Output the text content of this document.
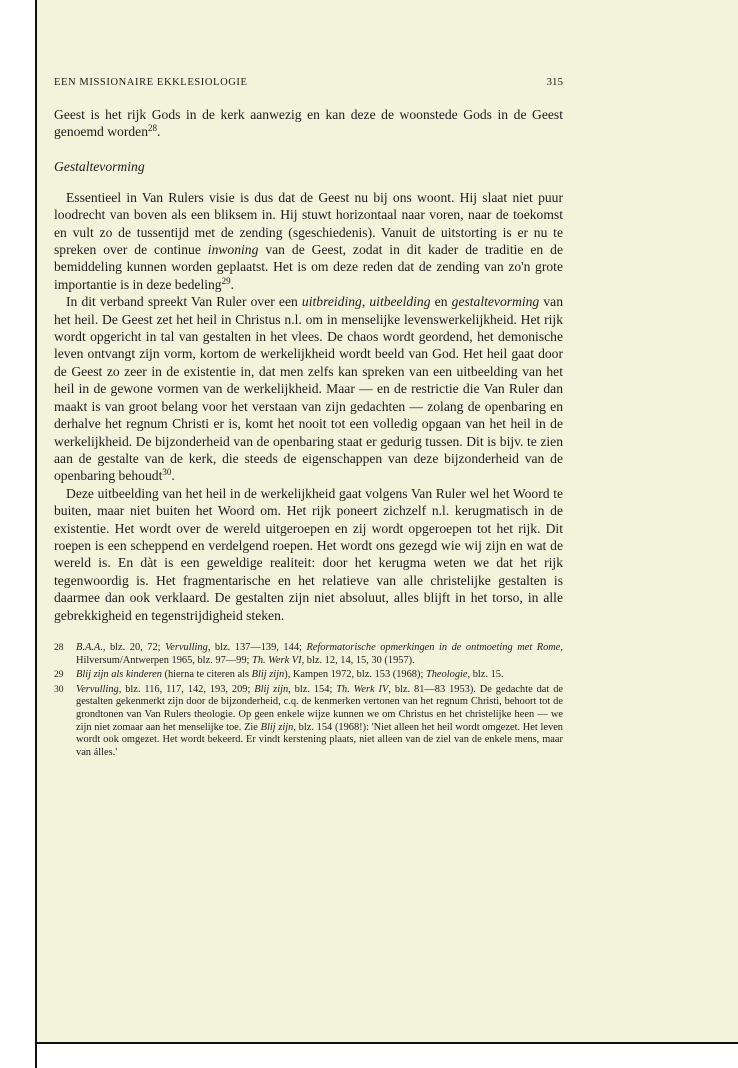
EEN MISSIONAIRE EKKLESIOLOGIE	315

Geest is het rijk Gods in de kerk aanwezig en kan deze de woonstede Gods in de Geest genoemd worden$^{28}$.

Gestaltevorming

Essentieel in Van Rulers visie is dus dat de Geest nu bij ons woont. Hij slaat niet puur loodrecht van boven als een bliksem in. Hij stuwt horizontaal naar voren, naar de toekomst en vult zo de tussentijd met de zending (sgeschiedenis). Vanuit de uitstorting is er nu te spreken over de continue inwoning van de Geest, zodat in dit kader de traditie en de bemiddeling kunnen worden geplaatst. Het is om deze reden dat de zending van zo'n grote importantie is in deze bedeling$^{29}$.

In dit verband spreekt Van Ruler over een uitbreiding, uitbeelding en gestaltevorming van het heil. De Geest zet het heil in Christus n.l. om in menselijke levenswerkelijkheid. Het rijk wordt opgericht in tal van gestalten in het vlees. De chaos wordt geordend, het demonische leven ontvangt zijn vorm, kortom de werkelijkheid wordt beeld van God. Het heil gaat door de Geest zo zeer in de existentie in, dat men zelfs kan spreken van een uitbeelding van het heil in de gewone vormen van de werkelijkheid. Maar — en de restrictie die Van Ruler dan maakt is van groot belang voor het verstaan van zijn gedachten — zolang de openbaring en derhalve het regnum Christi er is, komt het nooit tot een volledig opgaan van het heil in de werkelijkheid. De bijzonderheid van de openbaring staat er gedurig tussen. Dit is bijv. te zien aan de gestalte van de kerk, die steeds de eigenschappen van deze bijzonderheid van de openbaring behoudt$^{30}$.

Deze uitbeelding van het heil in de werkelijkheid gaat volgens Van Ruler wel het Woord te buiten, maar niet buiten het Woord om. Het rijk poneert zichzelf n.l. kerugmatisch in de existentie. Het wordt over de wereld uitgeroepen en zij wordt opgeroepen tot het rijk. Dit roepen is een scheppend en verdelgend roepen. Het wordt ons gezegd wie wij zijn en wat de wereld is. En dàt is een geweldige realiteit: door het kerugma weten we dat het rijk tegenwoordig is. Het fragmentarische en het relatieve van alle christelijke gestalten is daarmee dan ook verklaard. De gestalten zijn niet absoluut, alles blijft in het torso, in alle gebrekkigheid en tegenstrijdigheid steken.

28	B.A.A., blz. 20, 72; Vervulling, blz. 137—139, 144; Reformatorische opmerkingen in de ontmoeting met Rome, Hilversum/Antwerpen 1965, blz. 97—99; Th. Werk VI, blz. 12, 14, 15, 30 (1957).
29	Blij zijn als kinderen (hierna te citeren als Blij zijn), Kampen 1972, blz. 153 (1968); Theologie, blz. 15.
30	Vervulling, blz. 116, 117, 142, 193, 209; Blij zijn, blz. 154; Th. Werk IV, blz. 81—83 1953). De gedachte dat de gestalten gekenmerkt zijn door de bijzonderheid, c.q. de kenmerken vertonen van het regnum Christi, behoort tot de grondtonen van Van Rulers theologie. Op geen enkele wijze kunnen we om Christus en het christelijke heen — we zijn niet zomaar aan het menselijke toe. Zie Blij zijn, blz. 154 (1968!): 'Niet alleen het heil wordt omgezet. Het leven wordt ook omgezet. Het wordt bekeerd. Er vindt kerstening plaats, niet alleen van de ziel van de enkele mens, maar van álles.'
